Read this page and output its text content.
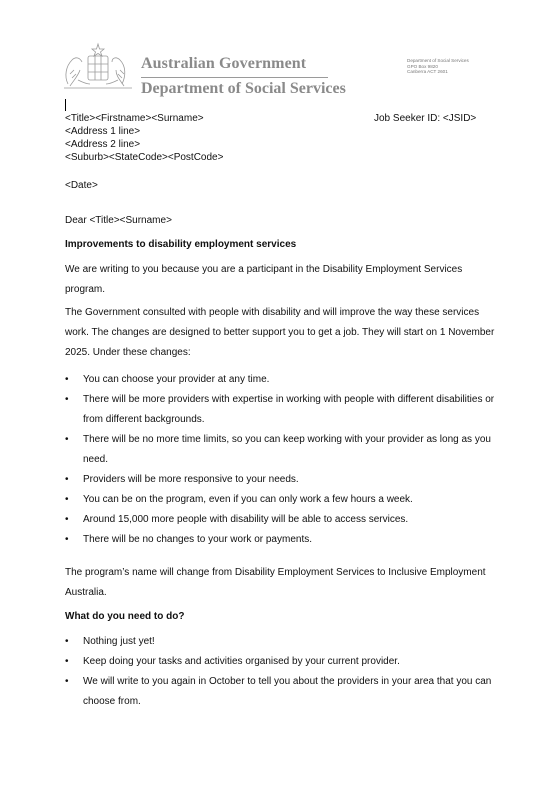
Australian Government
Department of Social Services
Department of Social Services
GPO Box 9820
Canberra ACT 2601
<Title><Firstname><Surname>	Job Seeker ID: <JSID>
<Address 1 line>
<Address 2 line>
<Suburb><StateCode><PostCode>
<Date>
Dear <Title><Surname>
Improvements to disability employment services
We are writing to you because you are a participant in the Disability Employment Services program.
The Government consulted with people with disability and will improve the way these services work. The changes are designed to better support you to get a job. They will start on 1 November 2025. Under these changes:
• You can choose your provider at any time.
• There will be more providers with expertise in working with people with different disabilities or from different backgrounds.
• There will be no more time limits, so you can keep working with your provider as long as you need.
• Providers will be more responsive to your needs.
• You can be on the program, even if you can only work a few hours a week.
• Around 15,000 more people with disability will be able to access services.
• There will be no changes to your work or payments.
The program’s name will change from Disability Employment Services to Inclusive Employment Australia.
What do you need to do?
• Nothing just yet!
• Keep doing your tasks and activities organised by your current provider.
• We will write to you again in October to tell you about the providers in your area that you can choose from.
